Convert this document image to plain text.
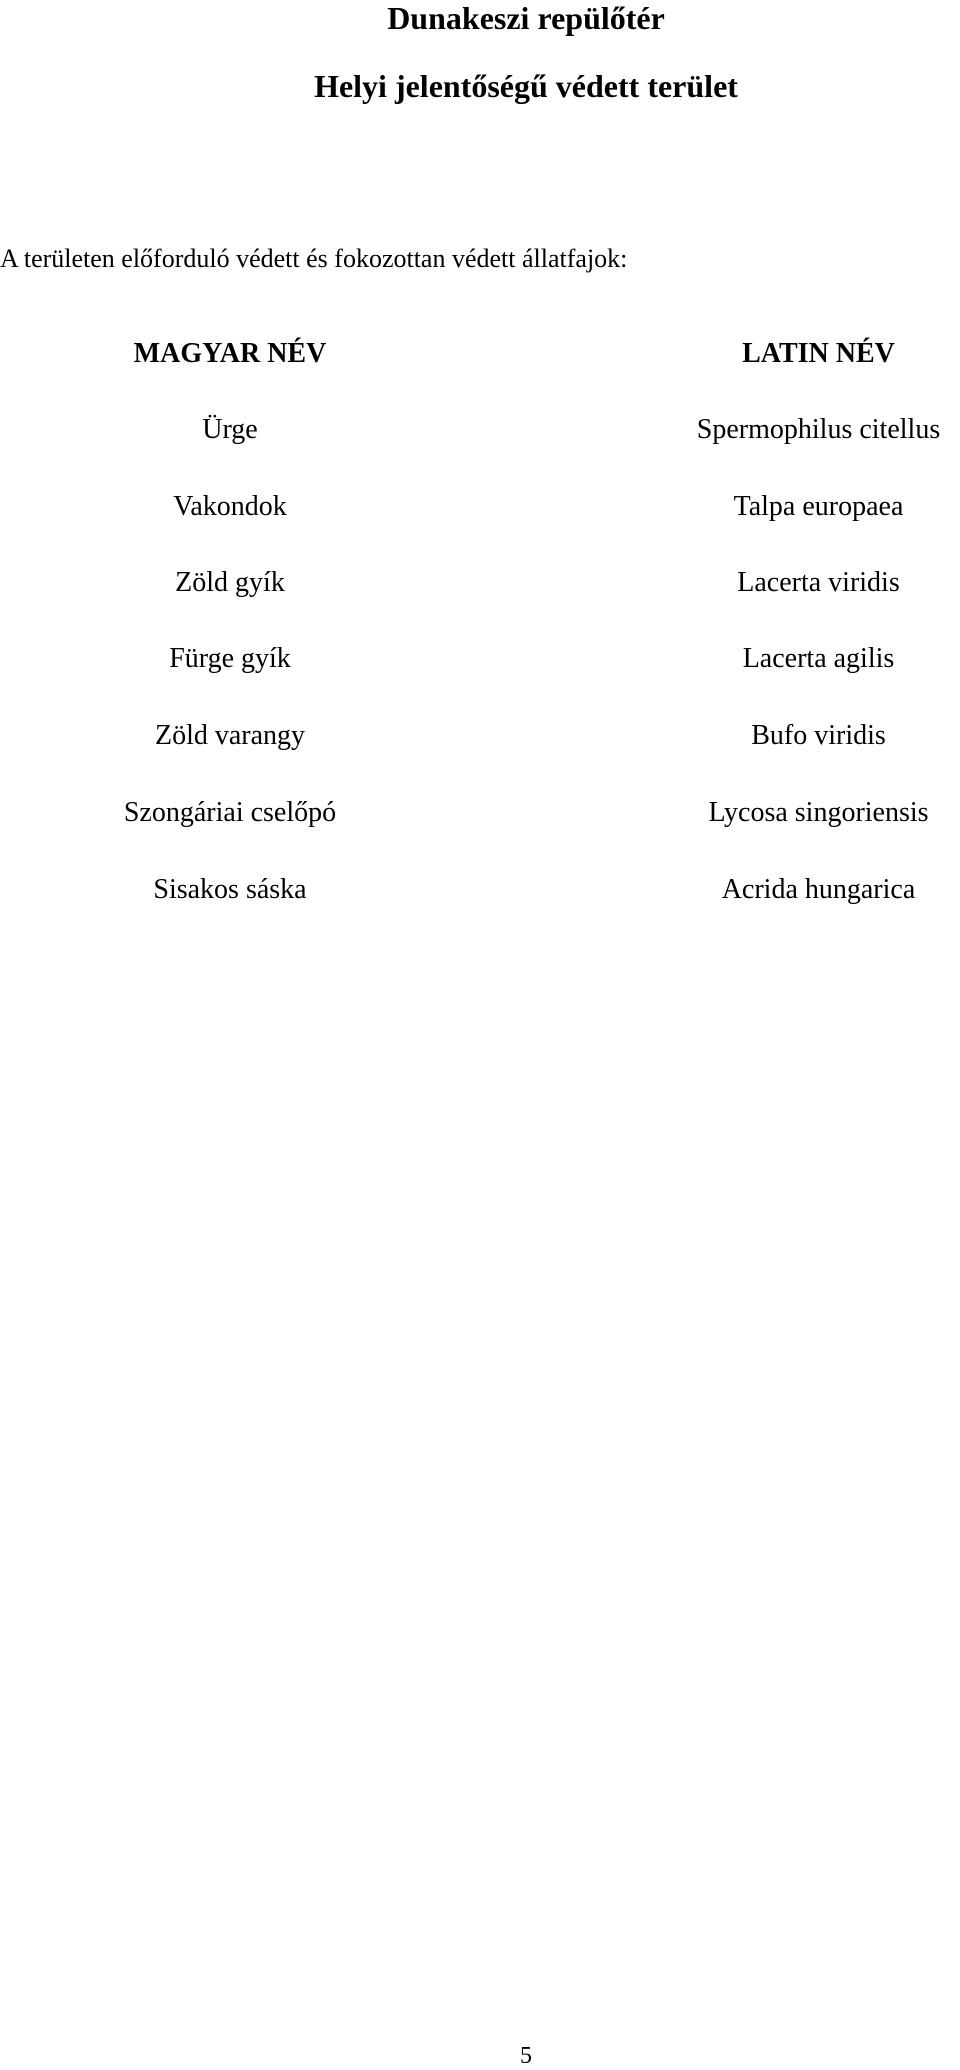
Dunakeszi repülőtér
Helyi jelentőségű védett terület

A területen előforduló védett és fokozottan védett állatfajok:

MAGYAR NÉV
Ürge
Vakondok
Zöld gyík
Fürge gyík
Zöld varangy
Szongáriai cselőpó
Sisakos sáska
LATIN NÉV
Spermophilus citellus
Talpa europaea
Lacerta viridis
Lacerta agilis
Bufo viridis
Lycosa singoriensis
Acrida hungarica
5
